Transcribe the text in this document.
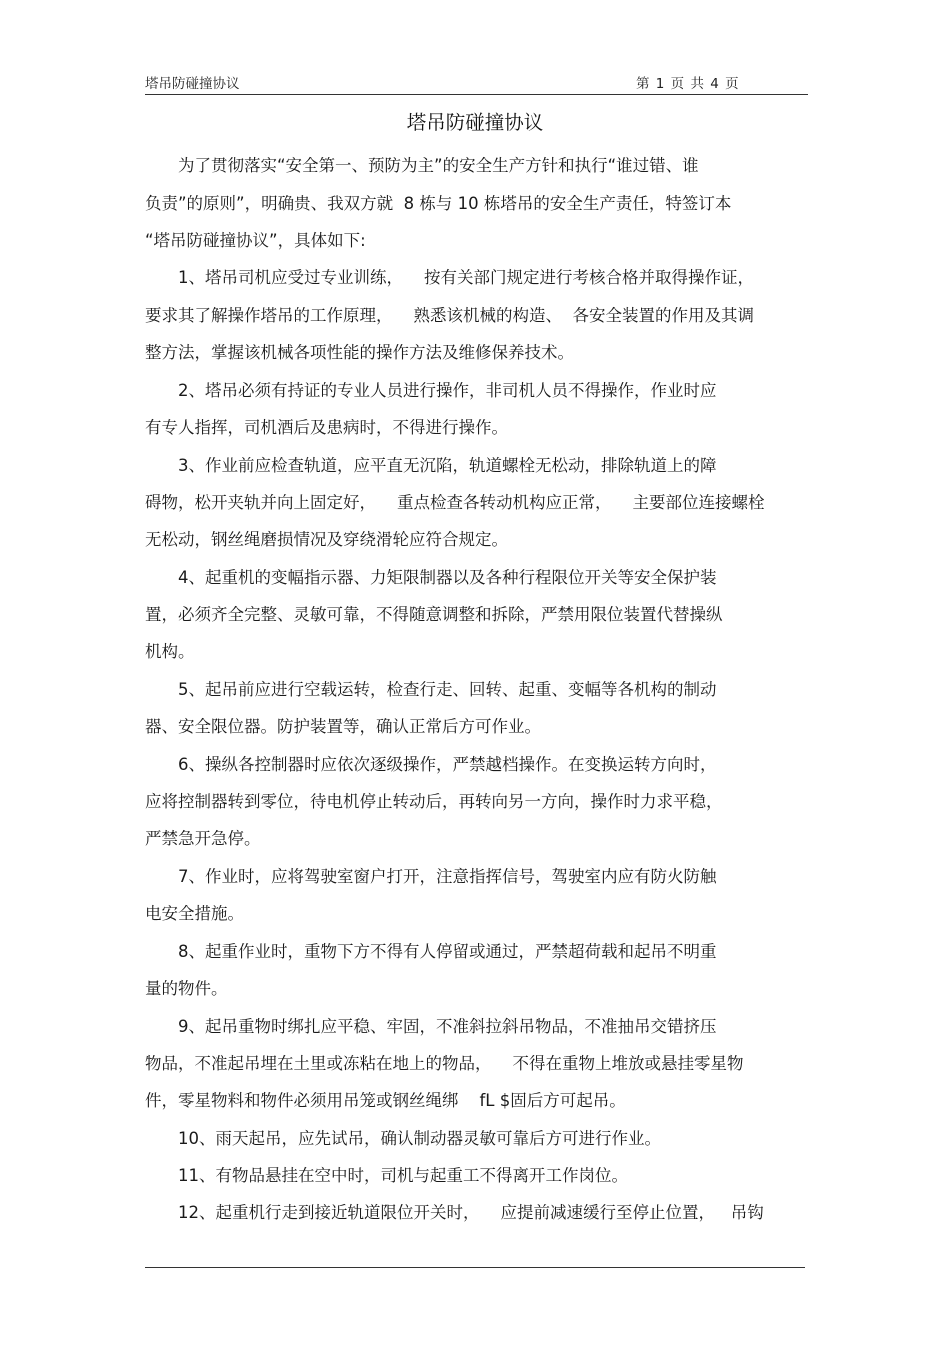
塔吊防碰撞协议	第 1 页 共 4 页
塔吊防碰撞协议
　　为了贯彻落实“安全第一、预防为主”的安全生产方针和执行“谁过错、谁
负责”的原则”，明确贵、我双方就  8 栋与 10 栋塔吊的安全生产责任，特签订本
“塔吊防碰撞协议”，具体如下:
　　1、塔吊司机应受过专业训练，    按有关部门规定进行考核合格并取得操作证，
要求其了解操作塔吊的工作原理，    熟悉该机械的构造、  各安全装置的作用及其调
整方法，掌握该机械各项性能的操作方法及维修保养技术。
　　2、塔吊必须有持证的专业人员进行操作，非司机人员不得操作，作业时应
有专人指挥，司机酒后及患病时，不得进行操作。
　　3、作业前应检查轨道，应平直无沉陷，轨道螺栓无松动，排除轨道上的障
碍物，松开夹轨并向上固定好，    重点检查各转动机构应正常，    主要部位连接螺栓
无松动，钢丝绳磨损情况及穿绕滑轮应符合规定。
　　4、起重机的变幅指示器、力矩限制器以及各种行程限位开关等安全保护装
置，必须齐全完整、灵敏可靠，不得随意调整和拆除，严禁用限位装置代替操纵
机构。
　　5、起吊前应进行空载运转，检查行走、回转、起重、变幅等各机构的制动
器、安全限位器。防护装置等，确认正常后方可作业。
　　6、操纵各控制器时应依次逐级操作，严禁越档操作。在变换运转方向时，
应将控制器转到零位，待电机停止转动后，再转向另一方向，操作时力求平稳，
严禁急开急停。
　　7、作业时，应将驾驶室窗户打开，注意指挥信号，驾驶室内应有防火防触
电安全措施。
　　8、起重作业时，重物下方不得有人停留或通过，严禁超荷载和起吊不明重
量的物件。
　　9、起吊重物时绑扎应平稳、牢固，不准斜拉斜吊物品，不准抽吊交错挤压
物品，不准起吊埋在土里或冻粘在地上的物品，    不得在重物上堆放或悬挂零星物
件，零星物料和物件必须用吊笼或钢丝绳绑    fL $固后方可起吊。
　　10、雨天起吊，应先试吊，确认制动器灵敏可靠后方可进行作业。
　　11、有物品悬挂在空中时，司机与起重工不得离开工作岗位。
　　12、起重机行走到接近轨道限位开关时，    应提前减速缓行至停止位置，   吊钩
